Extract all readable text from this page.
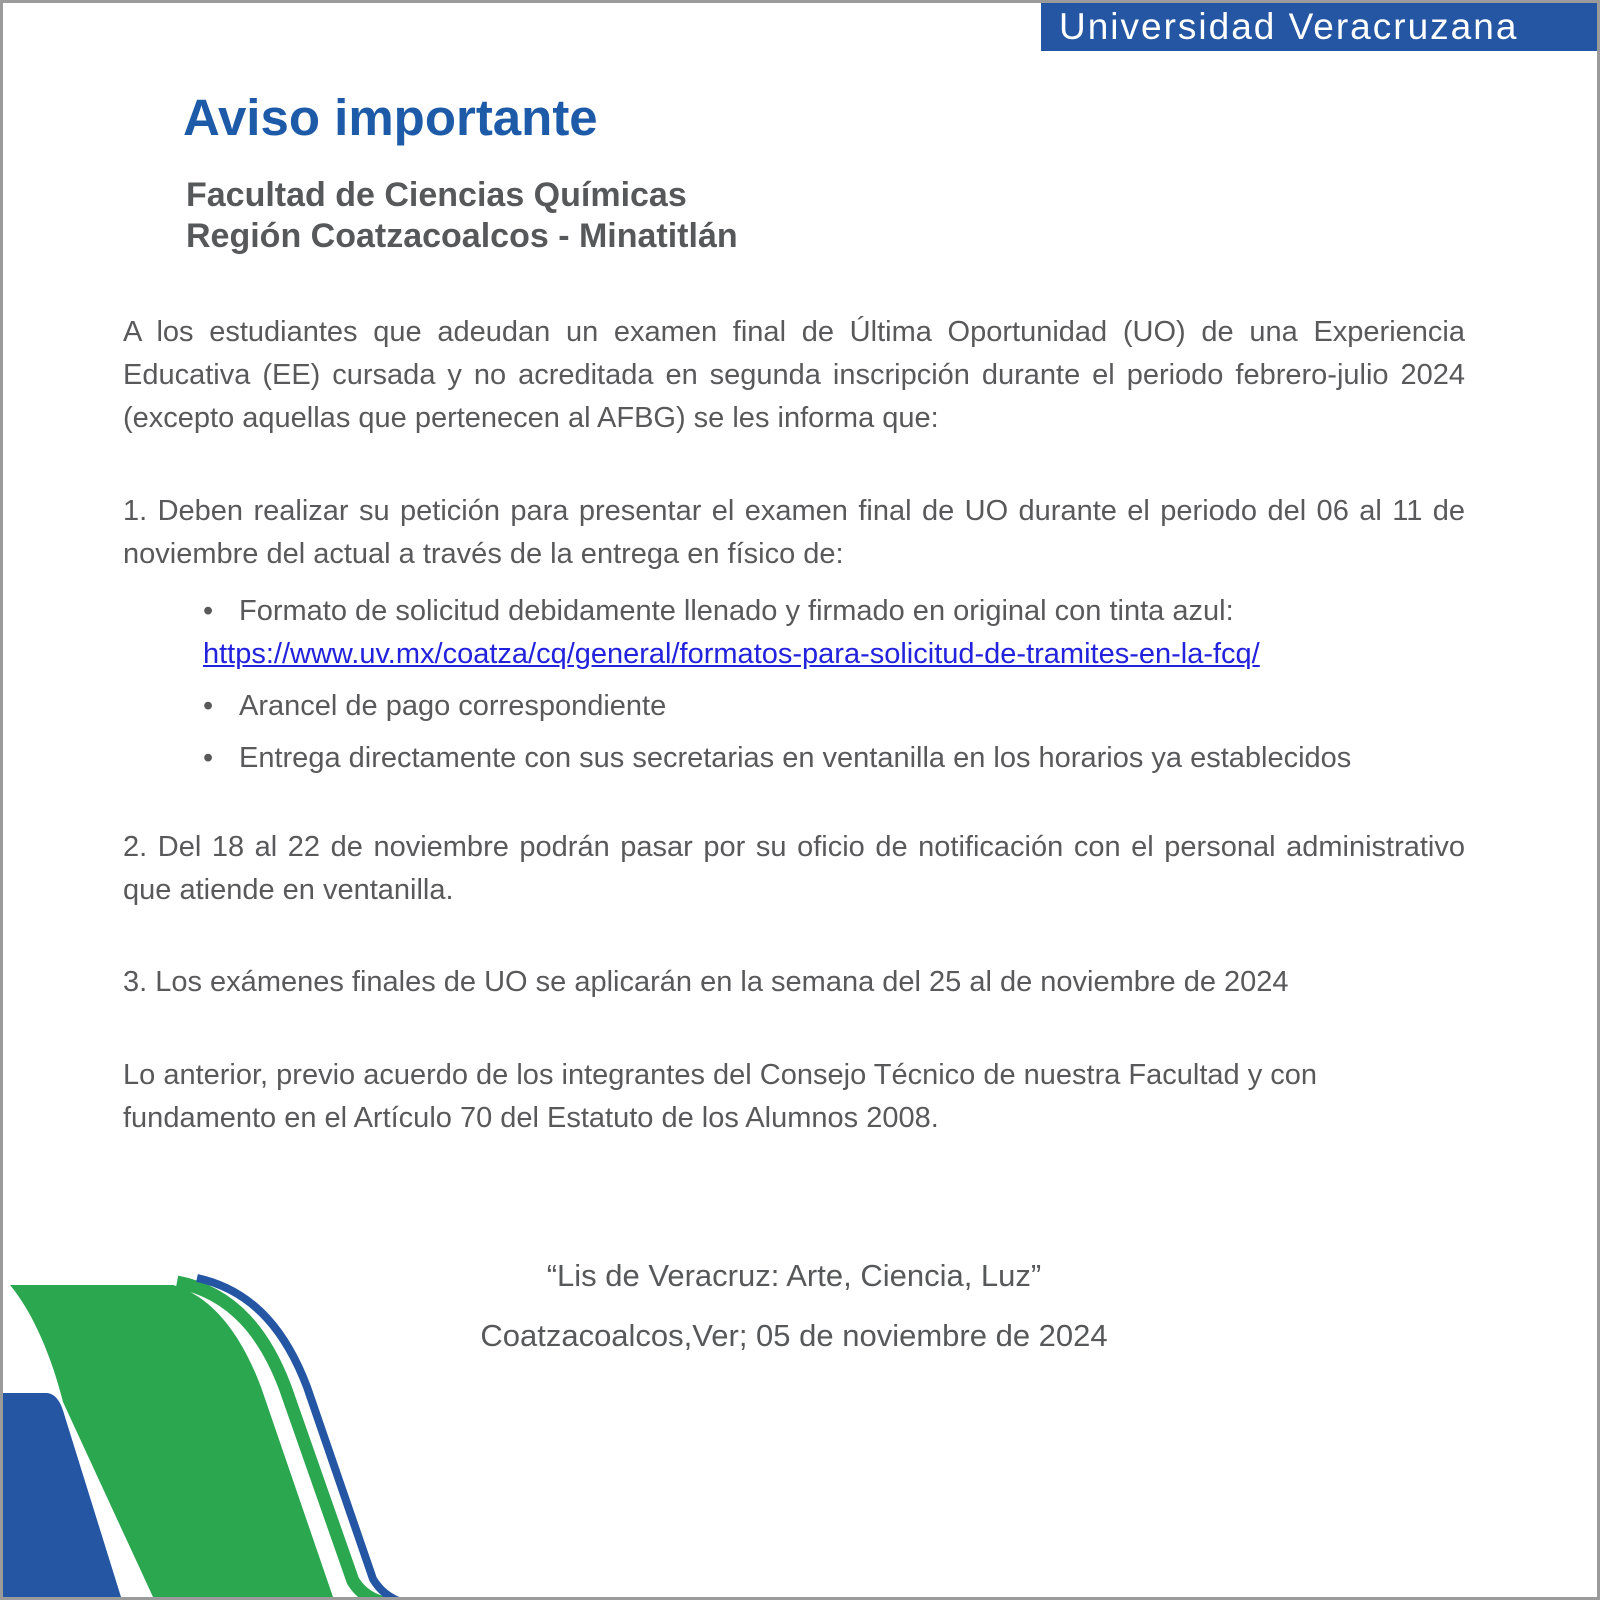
Universidad Veracruzana
Aviso importante
Facultad de Ciencias Químicas
Región Coatzacoalcos - Minatitlán

A los estudiantes que adeudan un examen final de Última Oportunidad (UO) de una Experiencia Educativa (EE) cursada y no acreditada en segunda inscripción durante el periodo febrero-julio 2024 (excepto aquellas que pertenecen al AFBG) se les informa que:

1. Deben realizar su petición para presentar el examen final de UO durante el periodo del 06 al 11 de noviembre del actual a través de la entrega en físico de:

• Formato de solicitud debidamente llenado y firmado en original con tinta azul:
https://www.uv.mx/coatza/cq/general/formatos-para-solicitud-de-tramites-en-la-fcq/
• Arancel de pago correspondiente
• Entrega directamente con sus secretarias en ventanilla en los horarios ya establecidos

2. Del 18 al 22 de noviembre podrán pasar por su oficio de notificación con el personal administrativo que atiende en ventanilla.

3. Los exámenes finales de UO se aplicarán en la semana del 25 al de noviembre de 2024

Lo anterior, previo acuerdo de los integrantes del Consejo Técnico de nuestra Facultad y con fundamento en el Artículo 70 del Estatuto de los Alumnos 2008.

“Lis de Veracruz: Arte, Ciencia, Luz”
Coatzacoalcos,Ver; 05 de noviembre de 2024
